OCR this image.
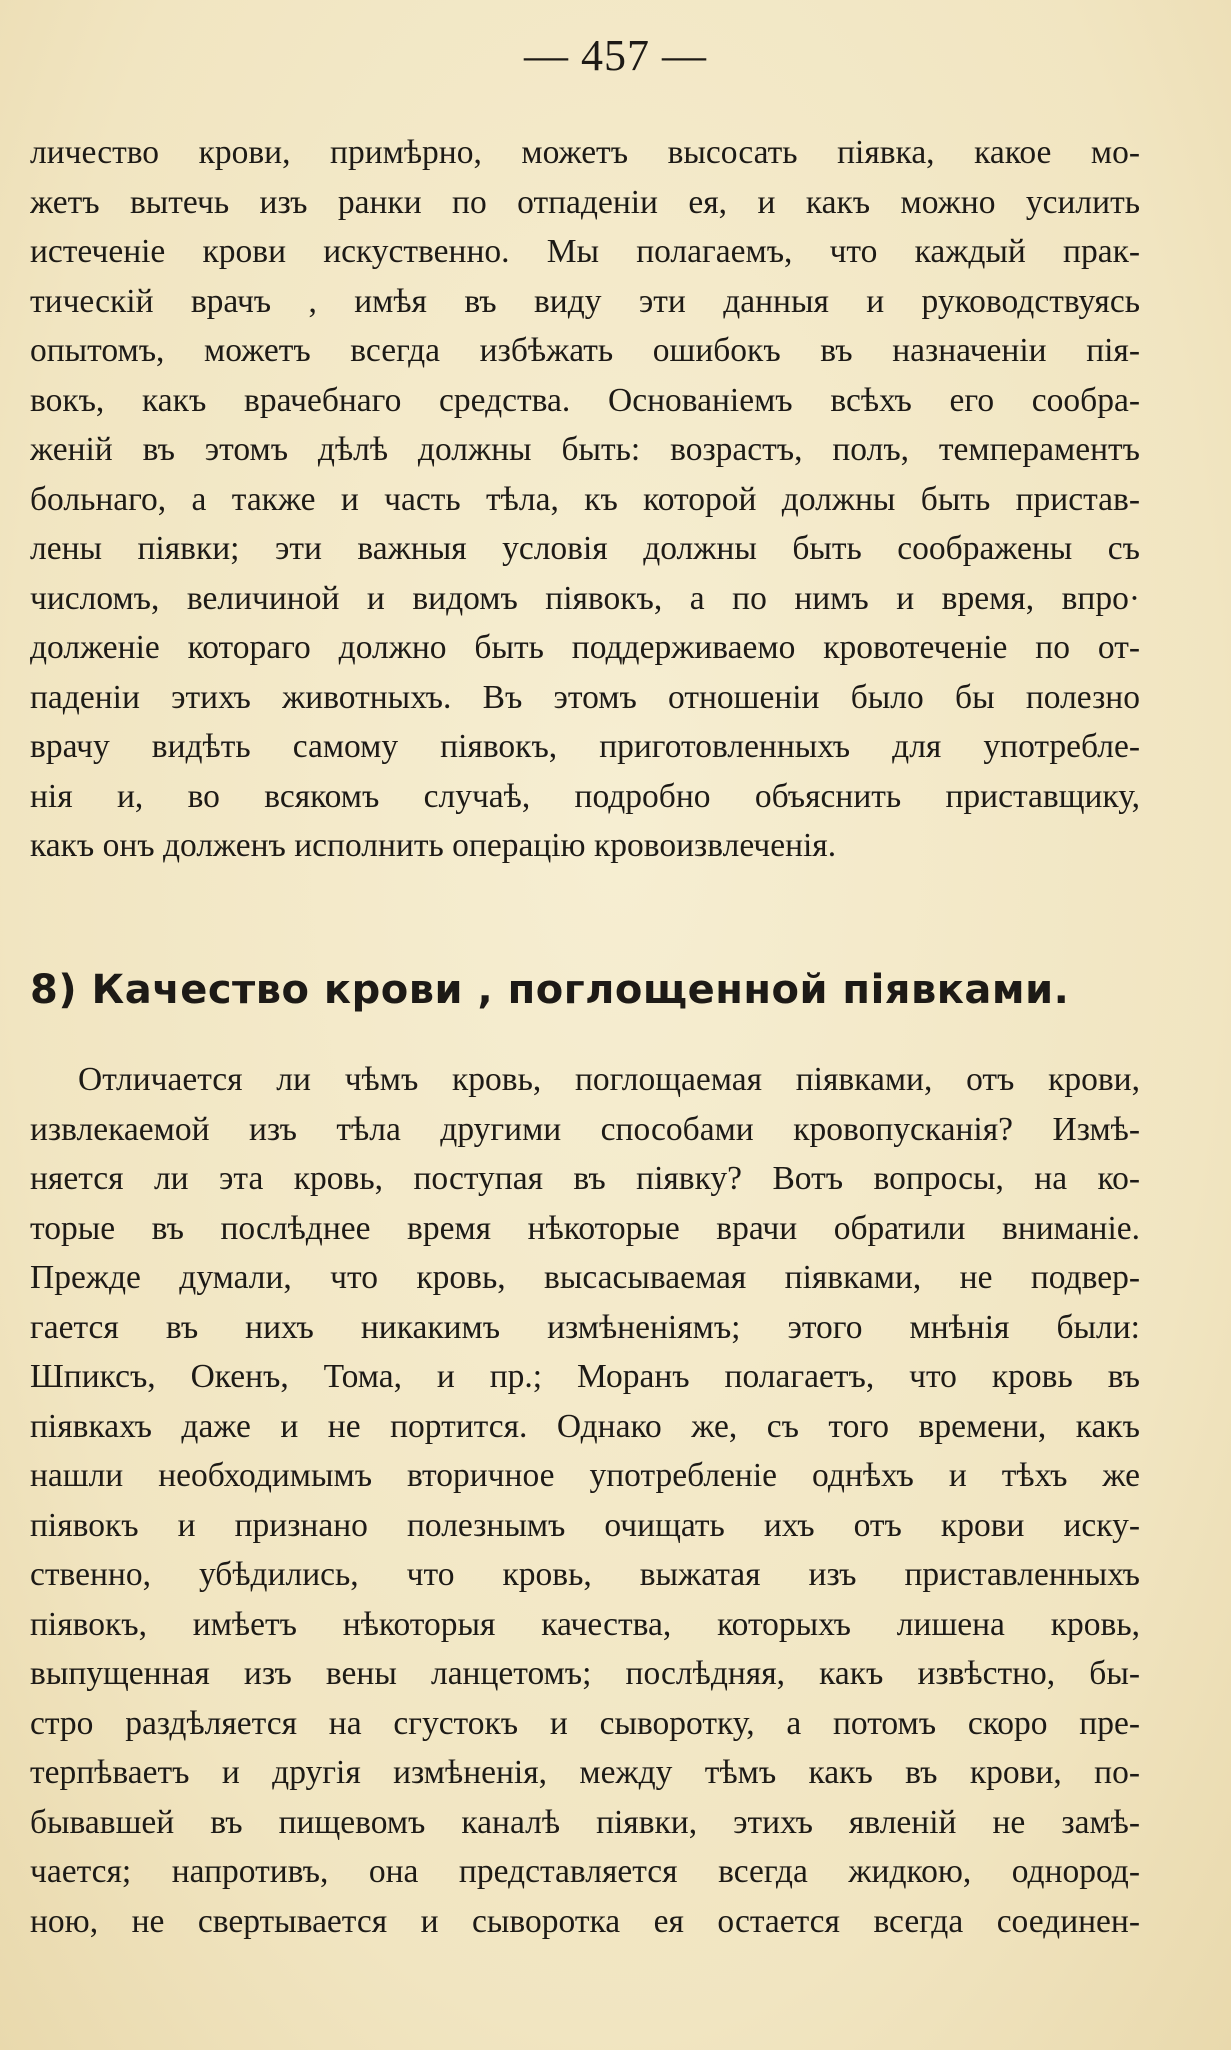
— 457 —
личество крови, примѣрно, можетъ высосать піявка, какое мо-
жетъ вытечь изъ ранки по отпаденіи ея, и какъ можно усилить
истеченіе крови искуственно. Мы полагаемъ, что каждый прак-
тическій врачъ , имѣя въ виду эти данныя и руководствуясь
опытомъ, можетъ всегда избѣжать ошибокъ въ назначеніи пія-
вокъ, какъ врачебнаго средства. Основаніемъ всѣхъ его сообра-
женій въ этомъ дѣлѣ должны быть: возрастъ, полъ, темпераментъ
больнаго, а также и часть тѣла, къ которой должны быть пристав-
лены піявки; эти важныя условія должны быть соображены съ
числомъ, величиной и видомъ піявокъ, а по нимъ и время, впро·
долженіе котораго должно быть поддерживаемо кровотеченіе по от-
паденіи этихъ животныхъ. Въ этомъ отношеніи было бы полезно
врачу видѣть самому піявокъ, приготовленныхъ для употребле-
нія и, во всякомъ случаѣ, подробно объяснить приставщику,
какъ онъ долженъ исполнить операцію кровоизвлеченія.
8) Качество крови , поглощенной піявками.
Отличается ли чѣмъ кровь, поглощаемая піявками, отъ крови,
извлекаемой изъ тѣла другими способами кровопусканія? Измѣ-
няется ли эта кровь, поступая въ піявку? Вотъ вопросы, на ко-
торые въ послѣднее время нѣкоторые врачи обратили вниманіе.
Прежде думали, что кровь, высасываемая піявками, не подвер-
гается въ нихъ никакимъ измѣненіямъ; этого мнѣнія были:
Шпиксъ, Окенъ, Тома, и пр.; Моранъ полагаетъ, что кровь въ
піявкахъ даже и не портится. Однако же, съ того времени, какъ
нашли необходимымъ вторичное употребленіе однѣхъ и тѣхъ же
піявокъ и признано полезнымъ очищать ихъ отъ крови иску-
ственно, убѣдились, что кровь, выжатая изъ приставленныхъ
піявокъ, имѣетъ нѣкоторыя качества, которыхъ лишена кровь,
выпущенная изъ вены ланцетомъ; послѣдняя, какъ извѣстно, бы-
стро раздѣляется на сгустокъ и сыворотку, а потомъ скоро пре-
терпѣваетъ и другія измѣненія, между тѣмъ какъ въ крови, по-
бывавшей въ пищевомъ каналѣ піявки, этихъ явленій не замѣ-
чается; напротивъ, она представляется всегда жидкою, однород-
ною, не свертывается и сыворотка ея остается всегда соединен-
